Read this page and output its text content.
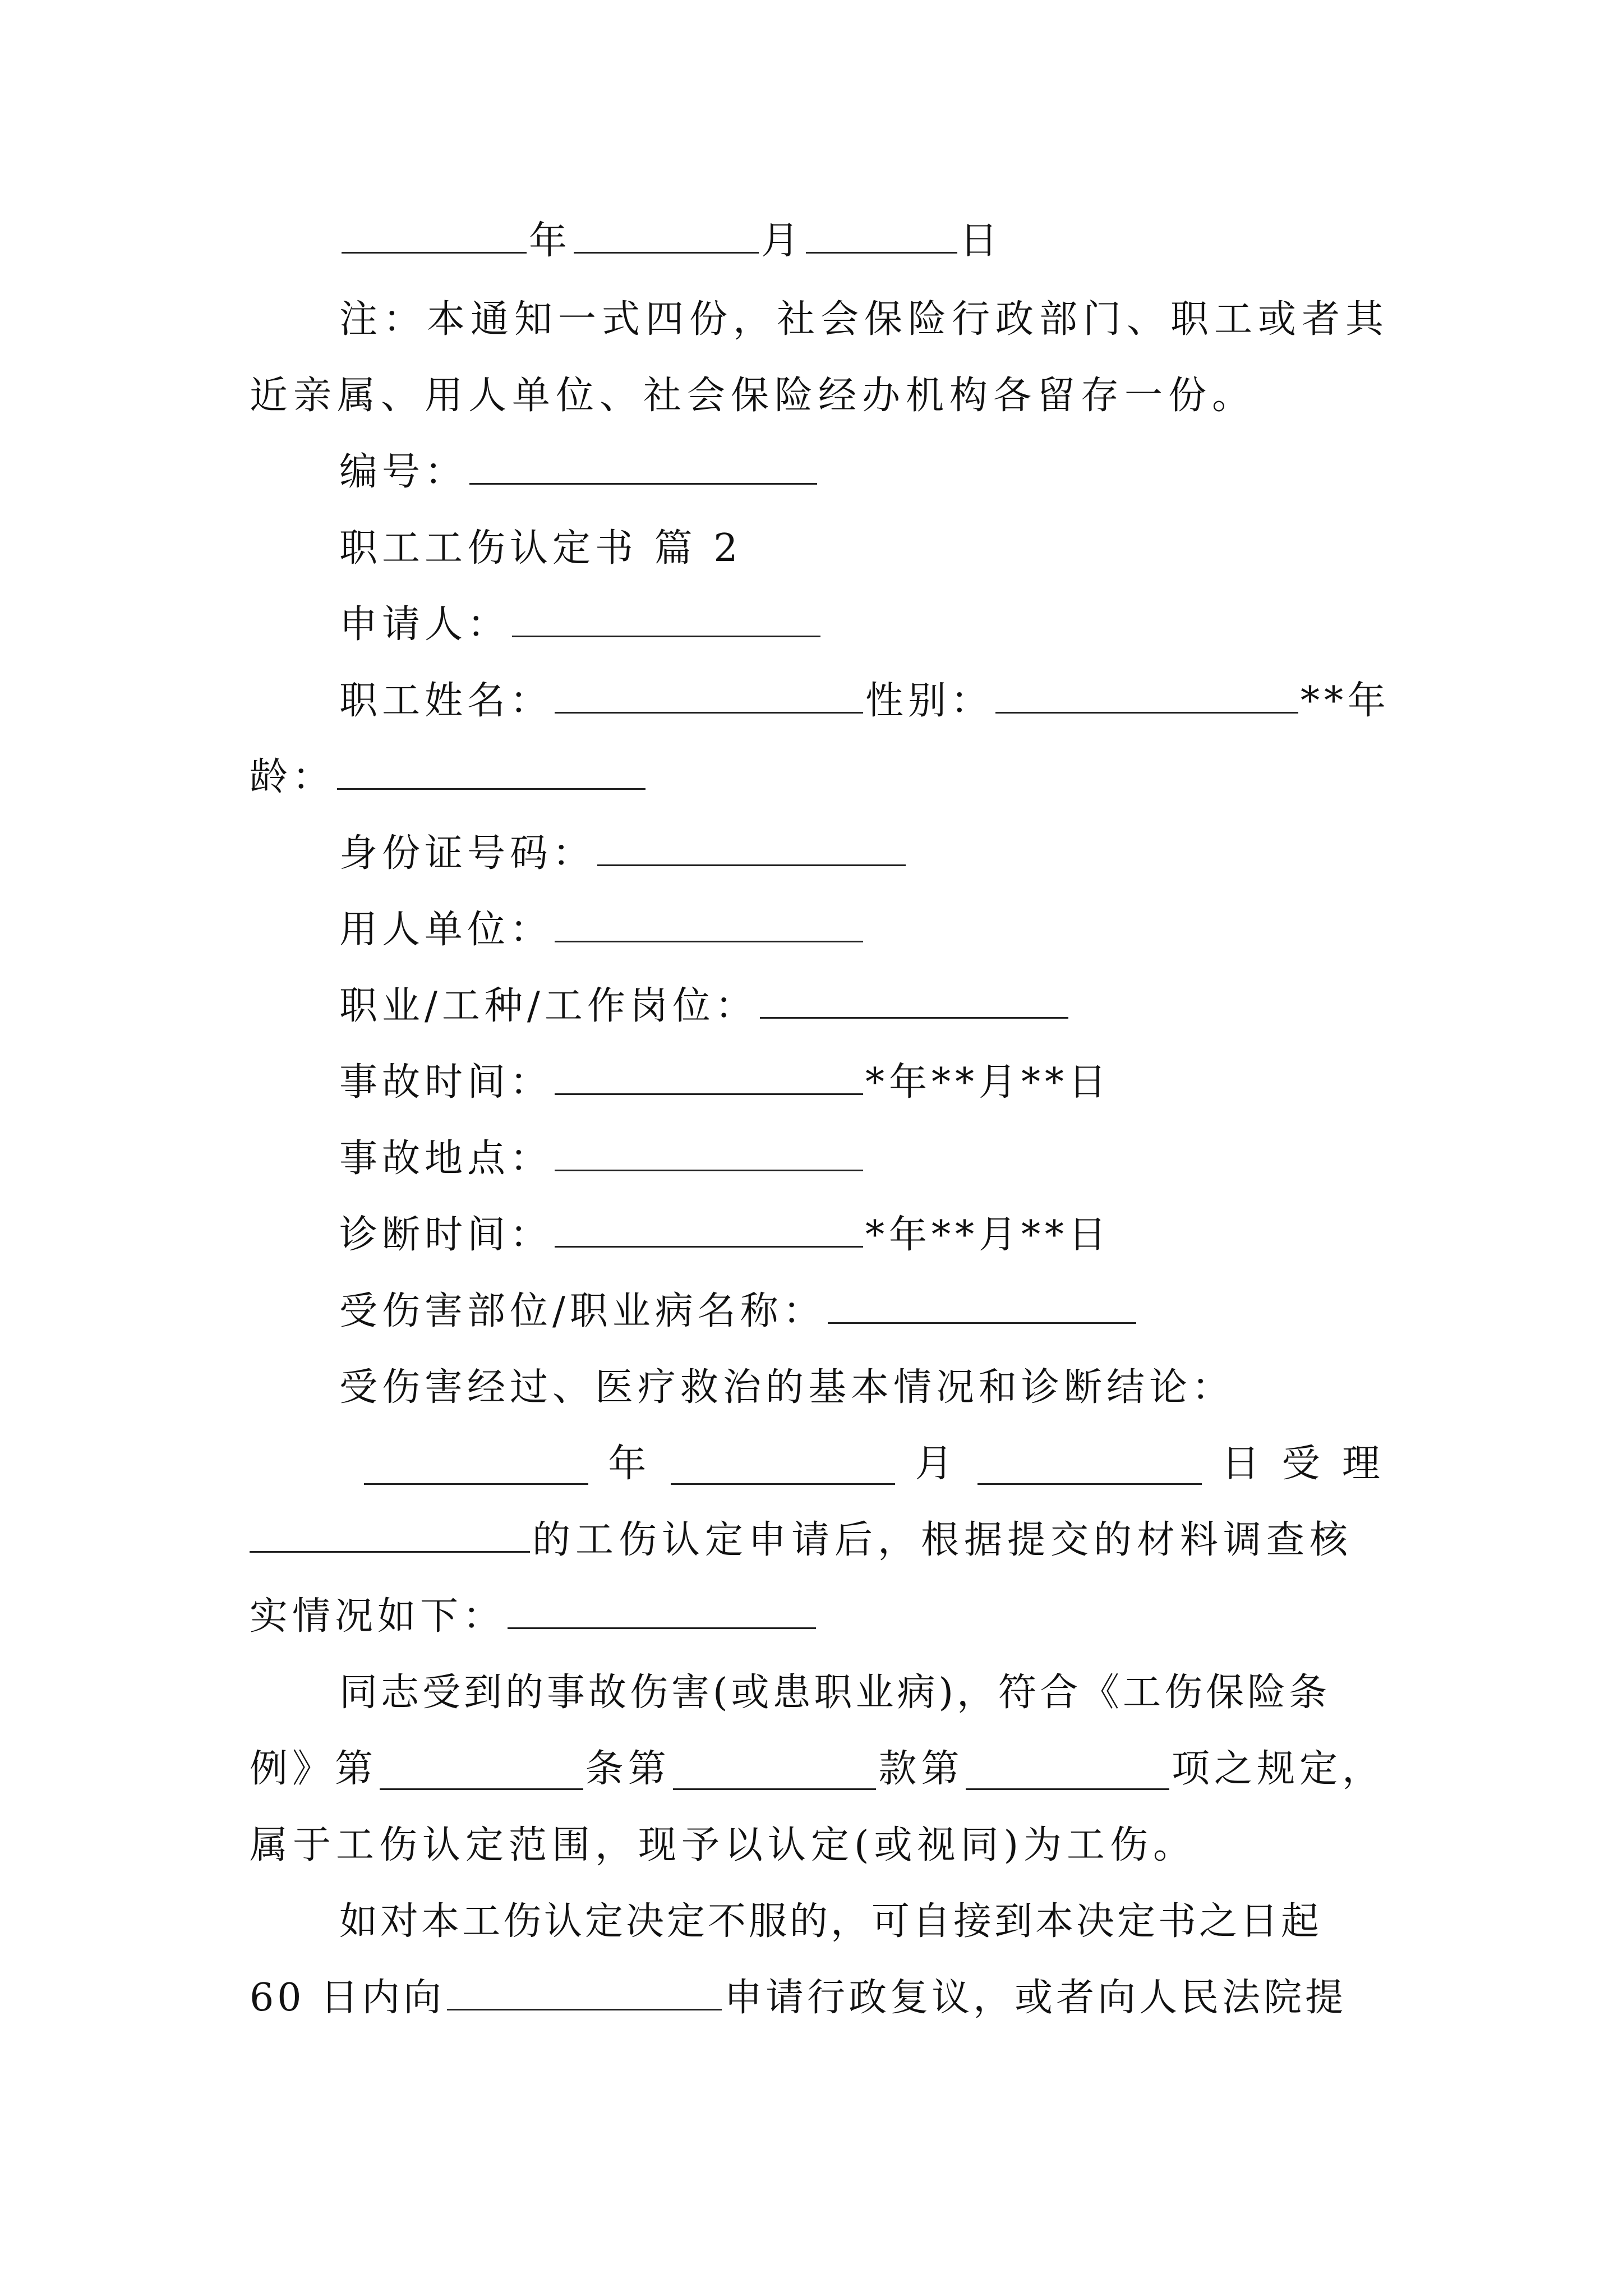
年	月	日
注：本通知一式四份，社会保险行政部门、职工或者其
近亲属、用人单位、社会保险经办机构各留存一份。
编号：
职工工伤认定书 篇 2
申请人：
职工姓名：	性别：	**年
龄：
身份证号码：
用人单位：
职业/工种/工作岗位：
事故时间：	*年**月**日
事故地点：
诊断时间：	*年**月**日
受伤害部位/职业病名称：
受伤害经过、医疗救治的基本情况和诊断结论：
年	月	日 受 理
的工伤认定申请后，根据提交的材料调查核
实情况如下：
同志受到的事故伤害(或患职业病)，符合《工伤保险条
例》第	条第	款第	项之规定，
属于工伤认定范围，现予以认定(或视同)为工伤。
如对本工伤认定决定不服的，可自接到本决定书之日起
60 日内向	申请行政复议，或者向人民法院提
